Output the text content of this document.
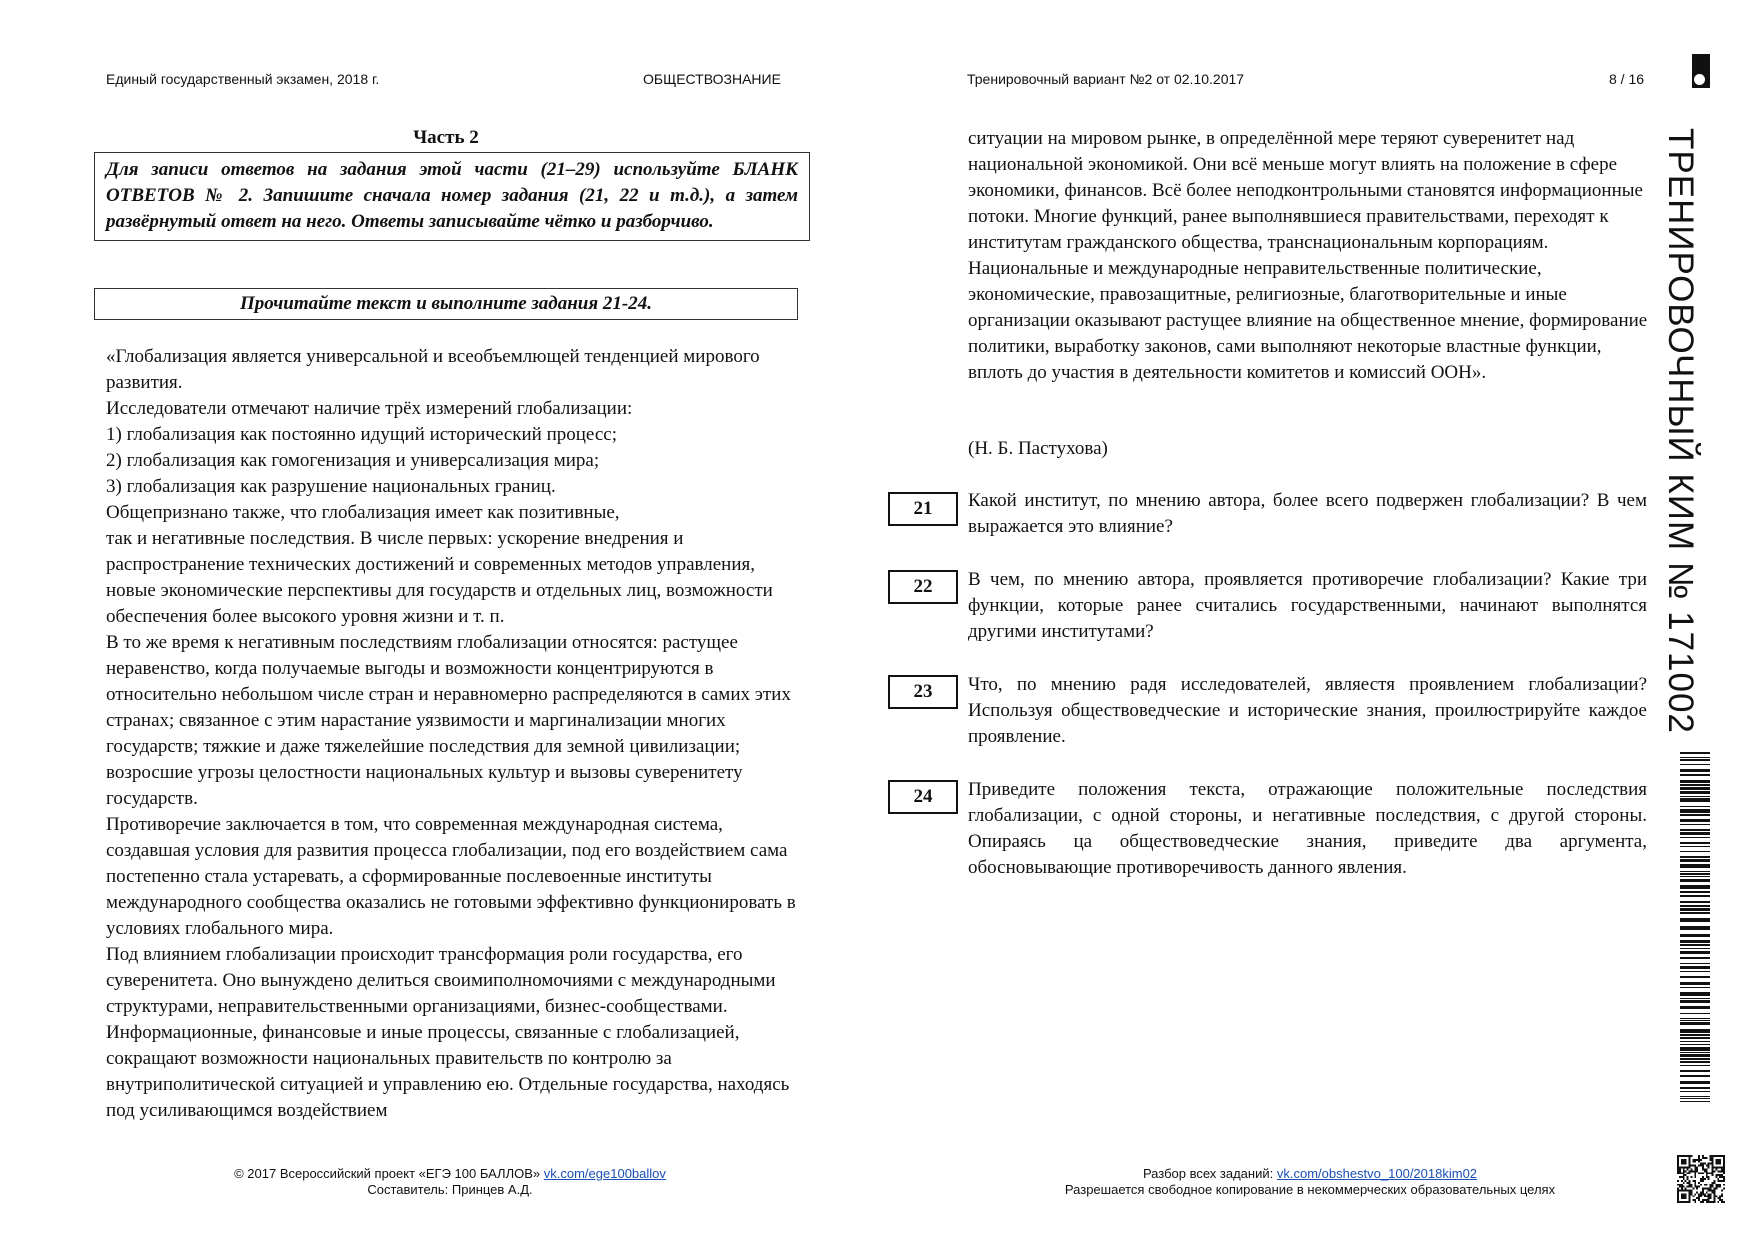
Единый государственный экзамен, 2018 г.	ОБЩЕСТВОЗНАНИЕ	Тренировочный вариант №2 от 02.10.2017	8 / 16
ТРЕНИРОВОЧНЫЙ КИМ № 171002
Часть 2
Для записи ответов на задания этой части (21–29) используйте БЛАНК ОТВЕТОВ № 2. Запишите сначала номер задания (21, 22 и т.д.), а затем развёрнутый ответ на него. Ответы записывайте чётко и разборчиво.
Прочитайте текст и выполните задания 21-24.

«Глобализация является универсальной и всеобъемлющей тенденцией мирового развития.

Исследователи отмечают наличие трёх измерений глобализации:

1) глобализация как постоянно идущий исторический процесс;

2) глобализация как гомогенизация и универсализация мира;

3) глобализация как разрушение национальных границ.

Общепризнано также, что глобализация имеет как позитивные,

так и негативные последствия. В числе первых: ускорение внедрения и распространение технических достижений и современных методов управления, новые экономические перспективы для государств и отдельных лиц, возможности обеспечения более высокого уровня жизни и т. п.

В то же время к негативным последствиям глобализации относятся: растущее неравенство, когда получаемые выгоды и возможности концентрируются в относительно небольшом числе стран и неравномерно распределяются в самих этих странах; связанное с этим нарастание уязвимости и маргинализации многих государств; тяжкие и даже тяжелейшие последствия для земной цивилизации; возросшие угрозы целостности национальных культур и вызовы суверенитету государств.

Противоречие заключается в том, что современная международная система, создавшая условия для развития процесса глобализации, под его воздействием сама постепенно стала устаревать, а сформированные послевоенные институты международного сообщества оказались не готовыми эффективно функционировать в условиях глобального мира.

Под влиянием глобализации происходит трансформация роли государства, его суверенитета. Оно вынуждено делиться своимиполномочиями с международными структурами, неправительственными организациями, бизнес-сообществами. Информационные, финансовые и иные процессы, связанные с глобализацией, сокращают возможности национальных правительств по контролю за внутриполитической ситуацией и управлению ею. Отдельные государства, находясь под усиливающимся воздействием

ситуации на мировом рынке, в определённой мере теряют суверенитет над национальной экономикой. Они всё меньше могут влиять на положение в сфере экономики, финансов. Всё более неподконтрольными становятся информационные потоки. Многие функций, ранее выполнявшиеся правительствами, переходят к институтам гражданского общества, транснациональным корпорациям. Национальные и международные неправительственные политические, экономические, правозащитные, религиозные, благотворительные и иные организации оказывают растущее влияние на общественное мнение, формирование политики, выработку законов, сами выполняют некоторые властные функции, вплоть до участия в деятельности комитетов и комиссий ООН».

(Н. Б. Пастухова)
21	Какой институт, по мнению автора, более всего подвержен глобализации? В чем выражается это влияние?
22	В чем, по мнению автора, проявляется противоречие глобализации? Какие три функции, которые ранее считались государственными, начинают выполнятся другими институтами?
23	Что, по мнению радя исследователей, являестя проявлением глобализации? Используя обществоведческие и исторические знания, проилюстрируйте каждое проявление.
24	Приведите положения текста, отражающие положительные последствия глобализации, с одной стороны, и негативные последствия, с другой стороны. Опираясь ца обществоведческие знания, приведите два аргумента, обосновывающие противоречивость данного явления.
© 2017 Всероссийский проект «ЕГЭ 100 БАЛЛОВ» vk.com/ege100ballov
Составитель: Принцев А.Д.
Разбор всех заданий: vk.com/obshestvo_100/2018kim02
Разрешается свободное копирование в некоммерческих образовательных целях
